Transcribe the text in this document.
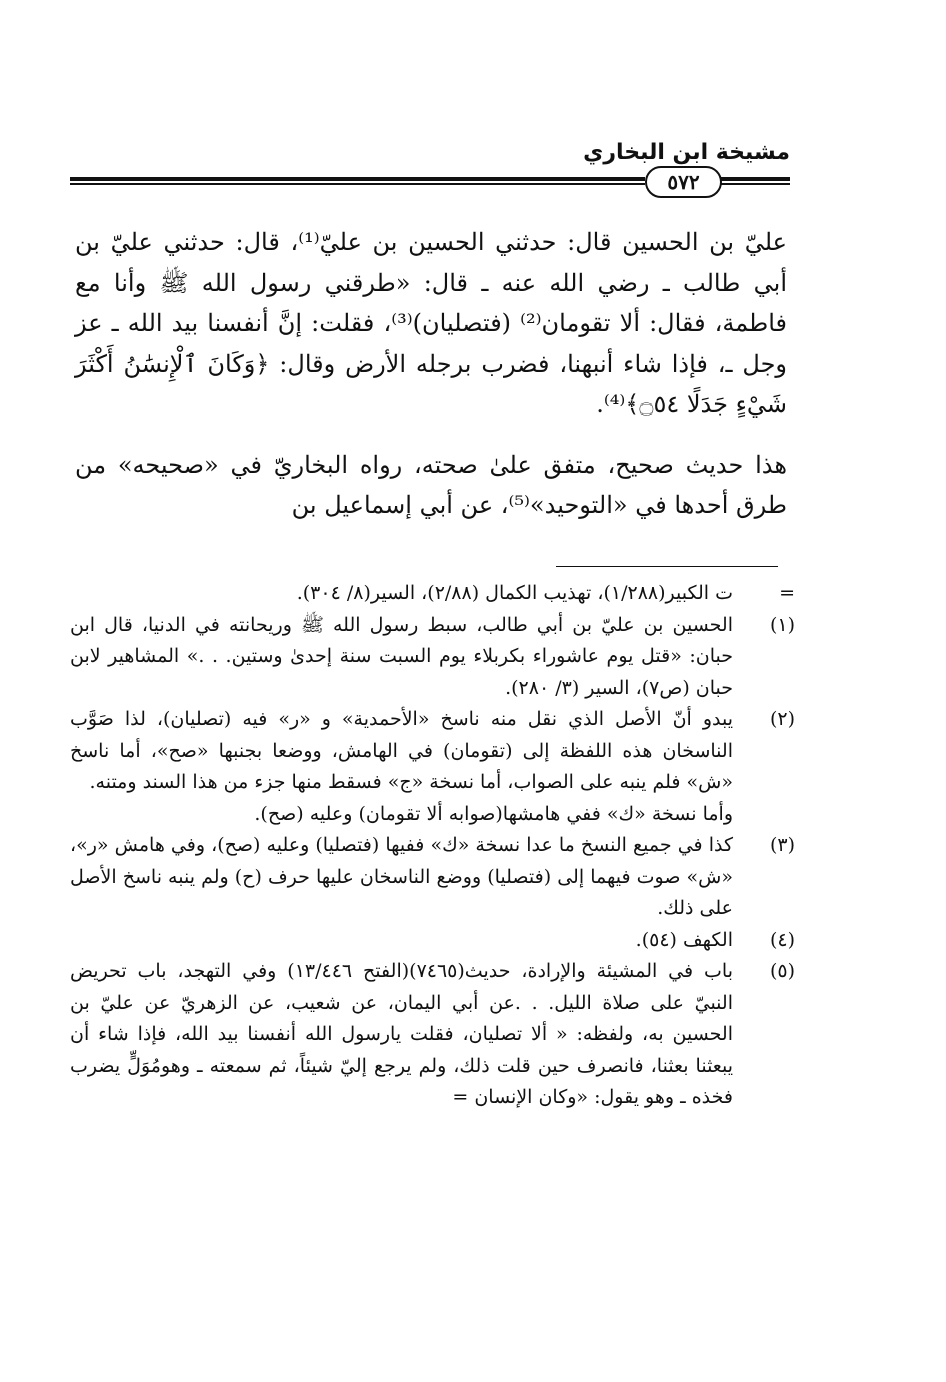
مشيخة ابن البخاري
٥٧٢

عليّ بن الحسين قال: حدثني الحسين بن عليّ⁽¹⁾، قال: حدثني عليّ بن أبي طالب ـ رضي الله عنه ـ قال: «طرقني رسول الله ﷺ وأنا مع فاطمة، فقال: ألا تقومان⁽²⁾ (فتصليان)⁽³⁾، فقلت: إنَّ أنفسنا بيد الله ـ عز وجل ـ، فإذا شاء أنبهنا، فضرب برجله الأرض وقال: ﴿وَكَانَ ٱلْإِنسَٰنُ أَكْثَرَ شَيْءٍ جَدَلًا ۝٥٤﴾⁽⁴⁾.

هذا حديث صحيح، متفق علىٰ صحته، رواه البخاريّ في «صحيحه» من طرق أحدها في «التوحيد»⁽⁵⁾، عن أبي إسماعيل بن

=

ت الكبير(١/٢٨٨)، تهذيب الكمال (٢/٨٨)، السير(٨/ ٣٠٤).

(١)

الحسين بن عليّ بن أبي طالب، سبط رسول الله ﷺ وريحانته في الدنيا، قال ابن حبان: «قتل يوم عاشوراء بكربلاء يوم السبت سنة إحدىٰ وستين. . .» المشاهير لابن حبان (ص٧)، السير (٣/ ٢٨٠).

(٢)

يبدو أنّ الأصل الذي نقل منه ناسخ «الأحمدية» و «ر» فيه (تصليان)، لذا صَوَّب الناسخان هذه اللفظة إلى (تقومان) في الهامش، ووضعا بجنبها «صح»، أما ناسخ «ش» فلم ينبه على الصواب، أما نسخة «ج» فسقط منها جزء من هذا السند ومتنه.

وأما نسخة «ك» ففي هامشها(صوابه ألا تقومان) وعليه (صح).

(٣)

كذا في جميع النسخ ما عدا نسخة «ك» ففيها (فتصليا) وعليه (صح)، وفي هامش «ر»، «ش» صوت فيهما إلى (فتصليا) ووضع الناسخان عليها حرف (ح) ولم ينبه ناسخ الأصل على ذلك.

(٤)

الكهف (٥٤).

(٥)

باب في المشيئة والإرادة، حديث(٧٤٦٥)(الفتح ١٣/٤٤٦) وفي التهجد، باب تحريض النبيّ على صلاة الليل. . .عن أبي اليمان، عن شعيب، عن الزهريّ عن عليّ بن الحسين به، ولفظه: « ألا تصليان، فقلت يارسول الله أنفسنا بيد الله، فإذا شاء أن يبعثنا بعثنا، فانصرف حين قلت ذلك، ولم يرجع إليّ شيئاً، ثم سمعته ـ وهومُوَلٍّ يضرب فخذه ـ وهو يقول: «وكان الإنسان =
